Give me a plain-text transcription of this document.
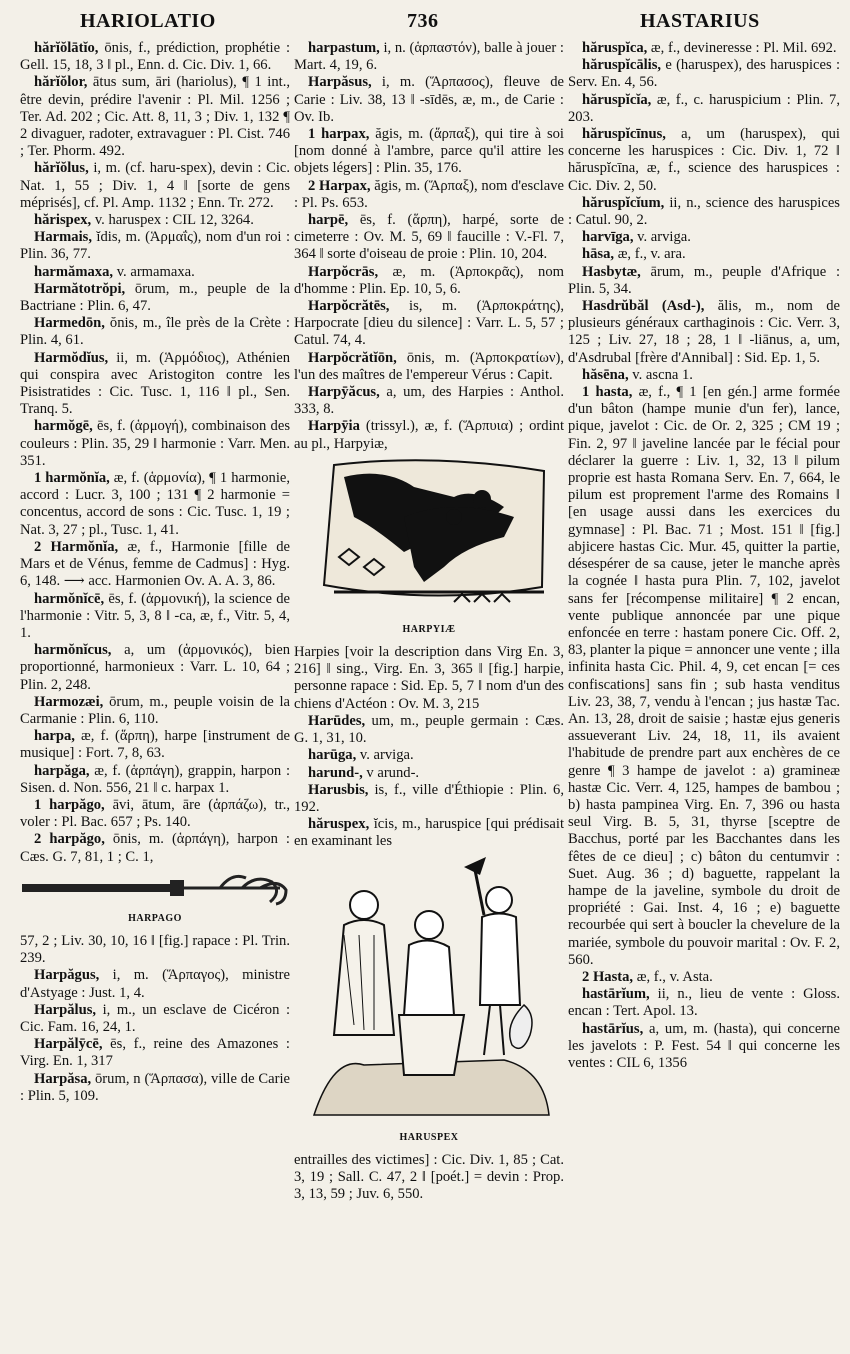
HARIOLATIO	736	HASTARIUS

hărĭŏlātĭo, ōnis, f., prédiction, prophétie : Gell. 15, 18, 3 ‖ pl., Enn. d. Cic. Div. 1, 66.

hărĭŏlor, ātus sum, āri (hariolus), ¶ 1 int., être devin, prédire l'avenir : Pl. Mil. 1256 ; Ter. Ad. 202 ; Cic. Att. 8, 11, 3 ; Div. 1, 132 ¶ 2 divaguer, radoter, extravaguer : Pl. Cist. 746 ; Ter. Phorm. 492.

hărĭŏlus, i, m. (cf. haru-spex), devin : Cic. Nat. 1, 55 ; Div. 1, 4 ‖ [sorte de gens méprisés], cf. Pl. Amp. 1132 ; Enn. Tr. 272.

hărispex, v. haruspex : CIL 12, 3264.

Harmais, ĭdis, m. (Ἁρμαΐς), nom d'un roi : Plin. 36, 77.

harmămaxa, v. armamaxa.

Harmătotrŏpi, ōrum, m., peuple de la Bactriane : Plin. 6, 47.

Harmedōn, ŏnis, m., île près de la Crète : Plin. 4, 61.

Harmŏdĭus, ii, m. (Ἁρμόδιος), Athénien qui conspira avec Aristogiton contre les Pisistratides : Cic. Tusc. 1, 116 ‖ pl., Sen. Tranq. 5.

harmŏgē, ēs, f. (ἁρμογή), combinaison des couleurs : Plin. 35, 29 ‖ harmonie : Varr. Men. 351.

1 harmŏnĭa, æ, f. (ἁρμονία), ¶ 1 harmonie, accord : Lucr. 3, 100 ; 131 ¶ 2 harmonie = concentus, accord de sons : Cic. Tusc. 1, 19 ; Nat. 3, 27 ; pl., Tusc. 1, 41.

2 Harmŏnĭa, æ, f., Harmonie [fille de Mars et de Vénus, femme de Cadmus] : Hyg. 6, 148. ⟶ acc. Harmonien Ov. A. A. 3, 86.

harmŏnĭcē, ēs, f. (ἁρμονική), la science de l'harmonie : Vitr. 5, 3, 8 ‖ -ca, æ, f., Vitr. 5, 4, 1.

harmŏnĭcus, a, um (ἁρμονικός), bien proportionné, harmonieux : Varr. L. 10, 64 ; Plin. 2, 248.

Harmozæi, ōrum, m., peuple voisin de la Carmanie : Plin. 6, 110.

harpa, æ, f. (ἅρπη), harpe [instrument de musique] : Fort. 7, 8, 63.

harpăga, æ, f. (ἁρπάγη), grappin, harpon : Sisen. d. Non. 556, 21 ‖ c. harpax 1.

1 harpăgo, āvi, ātum, āre (ἁρπάζω), tr., voler : Pl. Bac. 657 ; Ps. 140.

2 harpăgo, ōnis, m. (ἁρπάγη), harpon : Cæs. G. 7, 81, 1 ; C. 1,

HARPAGO

57, 2 ; Liv. 30, 10, 16 ‖ [fig.] rapace : Pl. Trin. 239.

Harpăgus, i, m. (Ἅρπαγος), ministre d'Astyage : Just. 1, 4.

Harpălus, i, m., un esclave de Cicéron : Cic. Fam. 16, 24, 1.

Harpălȳcē, ēs, f., reine des Amazones : Virg. En. 1, 317

Harpăsa, ōrum, n (Ἅρπασα), ville de Carie : Plin. 5, 109.

harpastum, i, n. (ἁρπαστόν), balle à jouer : Mart. 4, 19, 6.

Harpăsus, i, m. (Ἅρπασος), fleuve de Carie : Liv. 38, 13 ‖ -sīdēs, æ, m., de Carie : Ov. Ib.

1 harpax, ăgis, m. (ἅρπαξ), qui tire à soi [nom donné à l'ambre, parce qu'il attire les objets légers] : Plin. 35, 176.

2 Harpax, ăgis, m. (Ἅρπαξ), nom d'esclave : Pl. Ps. 653.

harpē, ēs, f. (ἅρπη), harpé, sorte de cimeterre : Ov. M. 5, 69 ‖ faucille : V.-Fl. 7, 364 ‖ sorte d'oiseau de proie : Plin. 10, 204.

Harpŏcrās, æ, m. (Ἁρποκρᾶς), nom d'homme : Plin. Ep. 10, 5, 6.

Harpŏcrătēs, is, m. (Ἁρποκράτης), Harpocrate [dieu du silence] : Varr. L. 5, 57 ; Catul. 74, 4.

Harpŏcrătĭōn, ōnis, m. (Ἁρποκρατίων), l'un des maîtres de l'empereur Vérus : Capit.

Harpȳăcus, a, um, des Harpies : Anthol. 333, 8.

Harpȳia (trissyl.), æ, f. (Ἅρπυια) ; ordint au pl., Harpyiæ,

HARPYIÆ

Harpies [voir la description dans Virg En. 3, 216] ‖ sing., Virg. En. 3, 365 ‖ [fig.] harpie, personne rapace : Sid. Ep. 5, 7 ‖ nom d'un des chiens d'Actéon : Ov. M. 3, 215

Harūdes, um, m., peuple germain : Cæs. G. 1, 31, 10.

harūga, v. arviga.

harund-, v arund-.

Harusbis, is, f., ville d'Éthiopie : Plin. 6, 192.

hăruspex, ĭcis, m., haruspice [qui prédisait en examinant les

HARUSPEX

entrailles des victimes] : Cic. Div. 1, 85 ; Cat. 3, 19 ; Sall. C. 47, 2 ‖ [poét.] = devin : Prop. 3, 13, 59 ; Juv. 6, 550.

hăruspĭca, æ, f., devineresse : Pl. Mil. 692.

hăruspĭcālis, e (haruspex), des haruspices : Serv. En. 4, 56.

hăruspĭcĭa, æ, f., c. haruspicium : Plin. 7, 203.

hăruspĭcīnus, a, um (haruspex), qui concerne les haruspices : Cic. Div. 1, 72 ‖ hăruspĭcīna, æ, f., science des haruspices : Cic. Div. 2, 50.

hăruspĭcĭum, ii, n., science des haruspices : Catul. 90, 2.

harvīga, v. arviga.

hāsa, æ, f., v. ara.

Hasbytæ, ārum, m., peuple d'Afrique : Plin. 5, 34.

Hasdrŭbăl (Asd-), ălis, m., nom de plusieurs généraux carthaginois : Cic. Verr. 3, 125 ; Liv. 27, 18 ; 28, 1 ‖ -liānus, a, um, d'Asdrubal [frère d'Annibal] : Sid. Ep. 1, 5.

hăsēna, v. ascna 1.

1 hasta, æ, f., ¶ 1 [en gén.] arme formée d'un bâton (hampe munie d'un fer), lance, pique, javelot : Cic. de Or. 2, 325 ; CM 19 ; Fin. 2, 97 ‖ javeline lancée par le fécial pour déclarer la guerre : Liv. 1, 32, 13 ‖ pilum proprie est hasta Romana Serv. En. 7, 664, le pilum est proprement l'arme des Romains ‖ [en usage aussi dans les exercices du gymnase] : Pl. Bac. 71 ; Most. 151 ‖ [fig.] abjicere hastas Cic. Mur. 45, quitter la partie, désespérer de sa cause, jeter le manche après la cognée ‖ hasta pura Plin. 7, 102, javelot sans fer [récompense militaire] ¶ 2 encan, vente publique annoncée par une pique enfoncée en terre : hastam ponere Cic. Off. 2, 83, planter la pique = annoncer une vente ; illa infinita hasta Cic. Phil. 4, 9, cet encan [= ces confiscations] sans fin ; sub hasta venditus Liv. 23, 38, 7, vendu à l'encan ; jus hastæ Tac. An. 13, 28, droit de saisie ; hastæ ejus generis assueverant Liv. 24, 18, 11, ils avaient l'habitude de prendre part aux enchères de ce genre ¶ 3 hampe de javelot : a) gramineæ hastæ Cic. Verr. 4, 125, hampes de bambou ; b) hasta pampinea Virg. En. 7, 396 ou hasta seul Virg. B. 5, 31, thyrse [sceptre de Bacchus, porté par les Bacchantes dans les fêtes de ce dieu] ; c) bâton du centumvir : Suet. Aug. 36 ; d) baguette, rappelant la hampe de la javeline, symbole du droit de propriété : Gai. Inst. 4, 16 ; e) baguette recourbée qui sert à boucler la chevelure de la mariée, symbole du pouvoir marital : Ov. F. 2, 560.

2 Hasta, æ, f., v. Asta.

hastārĭum, ii, n., lieu de vente : Gloss. encan : Tert. Apol. 13.

hastārĭus, a, um, m. (hasta), qui concerne les javelots : P. Fest. 54 ‖ qui concerne les ventes : CIL 6, 1356
